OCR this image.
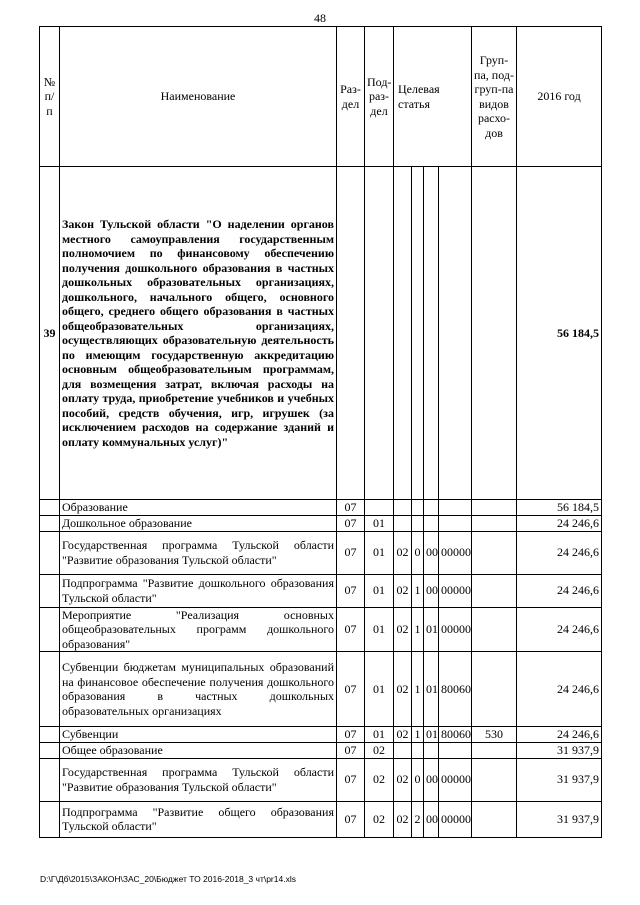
48
№ п/п	Наименование	Раз-дел	Под-раз-дел	Целевая статья				Груп-па, под-груп-па видов расхо-дов	2016 год
39	Закон Тульской области "О наделении органов местного самоуправления государственным полномочием по финансовому обеспечению получения дошкольного образования в частных дошкольных образовательных организациях, дошкольного, начального общего, основного общего, среднего общего образования в частных общеобразовательных организациях, осуществляющих образовательную деятельность по имеющим государственную аккредитацию основным общеобразовательным программам, для возмещения затрат, включая расходы на оплату труда, приобретение учебников и учебных пособий, средств обучения, игр, игрушек (за исключением расходов на содержание зданий и оплату коммунальных услуг)"								56 184,5
	Образование	07							56 184,5
	Дошкольное образование	07	01						24 246,6
	Государственная программа Тульской области "Развитие образования Тульской области"	07	01	02	0	00	00000		24 246,6
	Подпрограмма "Развитие дошкольного образования Тульской области"	07	01	02	1	00	00000		24 246,6
	Мероприятие "Реализация основных общеобразовательных программ дошкольного образования"	07	01	02	1	01	00000		24 246,6
	Субвенции бюджетам муниципальных образований на финансовое обеспечение получения дошкольного образования в частных дошкольных образовательных организациях	07	01	02	1	01	80060		24 246,6
	Субвенции	07	01	02	1	01	80060	530	24 246,6
	Общее образование	07	02						31 937,9
	Государственная программа Тульской области "Развитие образования Тульской области"	07	02	02	0	00	00000		31 937,9
	Подпрограмма "Развитие общего образования Тульской области"	07	02	02	2	00	00000		31 937,9
D:\Г\Дб\2015\ЗАКОН\ЗАС_20\Бюджет ТО 2016-2018_3 чт\pr14.xls
